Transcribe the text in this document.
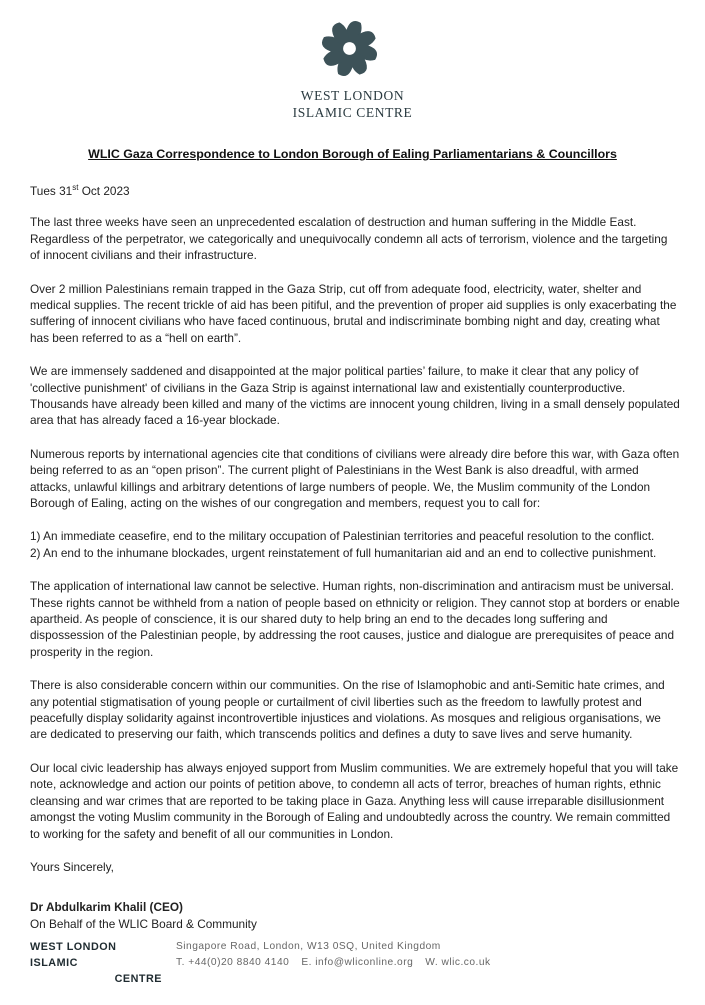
WEST LONDON
ISLAMIC CENTRE
WLIC Gaza Correspondence to London Borough of Ealing Parliamentarians & Councillors
Tues 31st Oct 2023

The last three weeks have seen an unprecedented escalation of destruction and human suffering in the Middle East. Regardless of the perpetrator, we categorically and unequivocally condemn all acts of terrorism, violence and the targeting of innocent civilians and their infrastructure.

Over 2 million Palestinians remain trapped in the Gaza Strip, cut off from adequate food, electricity, water, shelter and medical supplies. The recent trickle of aid has been pitiful, and the prevention of proper aid supplies is only exacerbating the suffering of innocent civilians who have faced continuous, brutal and indiscriminate bombing night and day, creating what has been referred to as a “hell on earth”.

We are immensely saddened and disappointed at the major political parties’ failure, to make it clear that any policy of 'collective punishment' of civilians in the Gaza Strip is against international law and existentially counterproductive. Thousands have already been killed and many of the victims are innocent young children, living in a small densely populated area that has already faced a 16-year blockade.

Numerous reports by international agencies cite that conditions of civilians were already dire before this war, with Gaza often being referred to as an “open prison”. The current plight of Palestinians in the West Bank is also dreadful, with armed attacks, unlawful killings and arbitrary detentions of large numbers of people. We, the Muslim community of the London Borough of Ealing, acting on the wishes of our congregation and members, request you to call for:

1) An immediate ceasefire, end to the military occupation of Palestinian territories and peaceful resolution to the conflict.
2) An end to the inhumane blockades, urgent reinstatement of full humanitarian aid and an end to collective punishment.

The application of international law cannot be selective. Human rights, non-discrimination and antiracism must be universal. These rights cannot be withheld from a nation of people based on ethnicity or religion. They cannot stop at borders or enable apartheid. As people of conscience, it is our shared duty to help bring an end to the decades long suffering and dispossession of the Palestinian people, by addressing the root causes, justice and dialogue are prerequisites of peace and prosperity in the region.

There is also considerable concern within our communities. On the rise of Islamophobic and anti-Semitic hate crimes, and any potential stigmatisation of young people or curtailment of civil liberties such as the freedom to lawfully protest and peacefully display solidarity against incontrovertible injustices and violations. As mosques and religious organisations, we are dedicated to preserving our faith, which transcends politics and defines a duty to save lives and serve humanity.

Our local civic leadership has always enjoyed support from Muslim communities. We are extremely hopeful that you will take note, acknowledge and action our points of petition above, to condemn all acts of terror, breaches of human rights, ethnic cleansing and war crimes that are reported to be taking place in Gaza. Anything less will cause irreparable disillusionment amongst the voting Muslim community in the Borough of Ealing and undoubtedly across the country. We remain committed to working for the safety and benefit of all our communities in London.

Yours Sincerely,
Dr Abdulkarim Khalil (CEO)
On Behalf of the WLIC Board & Community
WEST LONDON ISLAMIC
CENTRE
Singapore Road, London, W13 0SQ, United Kingdom
T. +44(0)20 8840 4140 E. info@wliconline.org W. wlic.co.uk
